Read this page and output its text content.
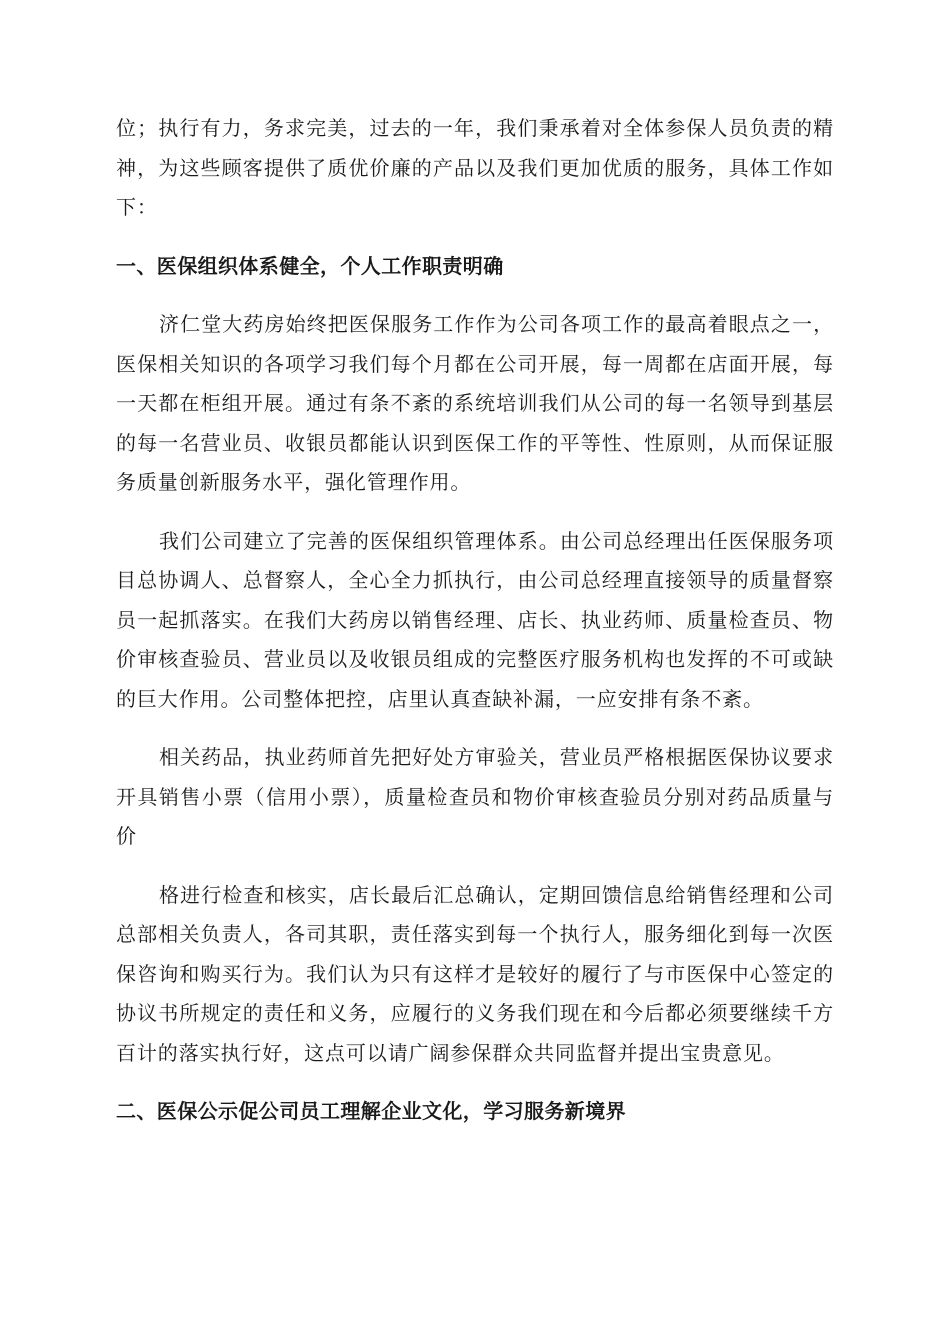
位；执行有力，务求完美，过去的一年，我们秉承着对全体参保人员负责的精神，为这些顾客提供了质优价廉的产品以及我们更加优质的服务，具体工作如下：

一、医保组织体系健全，个人工作职责明确

济仁堂大药房始终把医保服务工作作为公司各项工作的最高着眼点之一，医保相关知识的各项学习我们每个月都在公司开展，每一周都在店面开展，每一天都在柜组开展。通过有条不紊的系统培训我们从公司的每一名领导到基层的每一名营业员、收银员都能认识到医保工作的平等性、性原则，从而保证服务质量创新服务水平，强化管理作用。

我们公司建立了完善的医保组织管理体系。由公司总经理出任医保服务项目总协调人、总督察人，全心全力抓执行，由公司总经理直接领导的质量督察员一起抓落实。在我们大药房以销售经理、店长、执业药师、质量检查员、物价审核查验员、营业员以及收银员组成的完整医疗服务机构也发挥的不可或缺的巨大作用。公司整体把控，店里认真查缺补漏，一应安排有条不紊。

相关药品，执业药师首先把好处方审验关，营业员严格根据医保协议要求开具销售小票（信用小票），质量检查员和物价审核查验员分别对药品质量与价

格进行检查和核实，店长最后汇总确认，定期回馈信息给销售经理和公司总部相关负责人，各司其职，责任落实到每一个执行人，服务细化到每一次医保咨询和购买行为。我们认为只有这样才是较好的履行了与市医保中心签定的协议书所规定的责任和义务，应履行的义务我们现在和今后都必须要继续千方百计的落实执行好，这点可以请广阔参保群众共同监督并提出宝贵意见。

二、医保公示促公司员工理解企业文化，学习服务新境界
